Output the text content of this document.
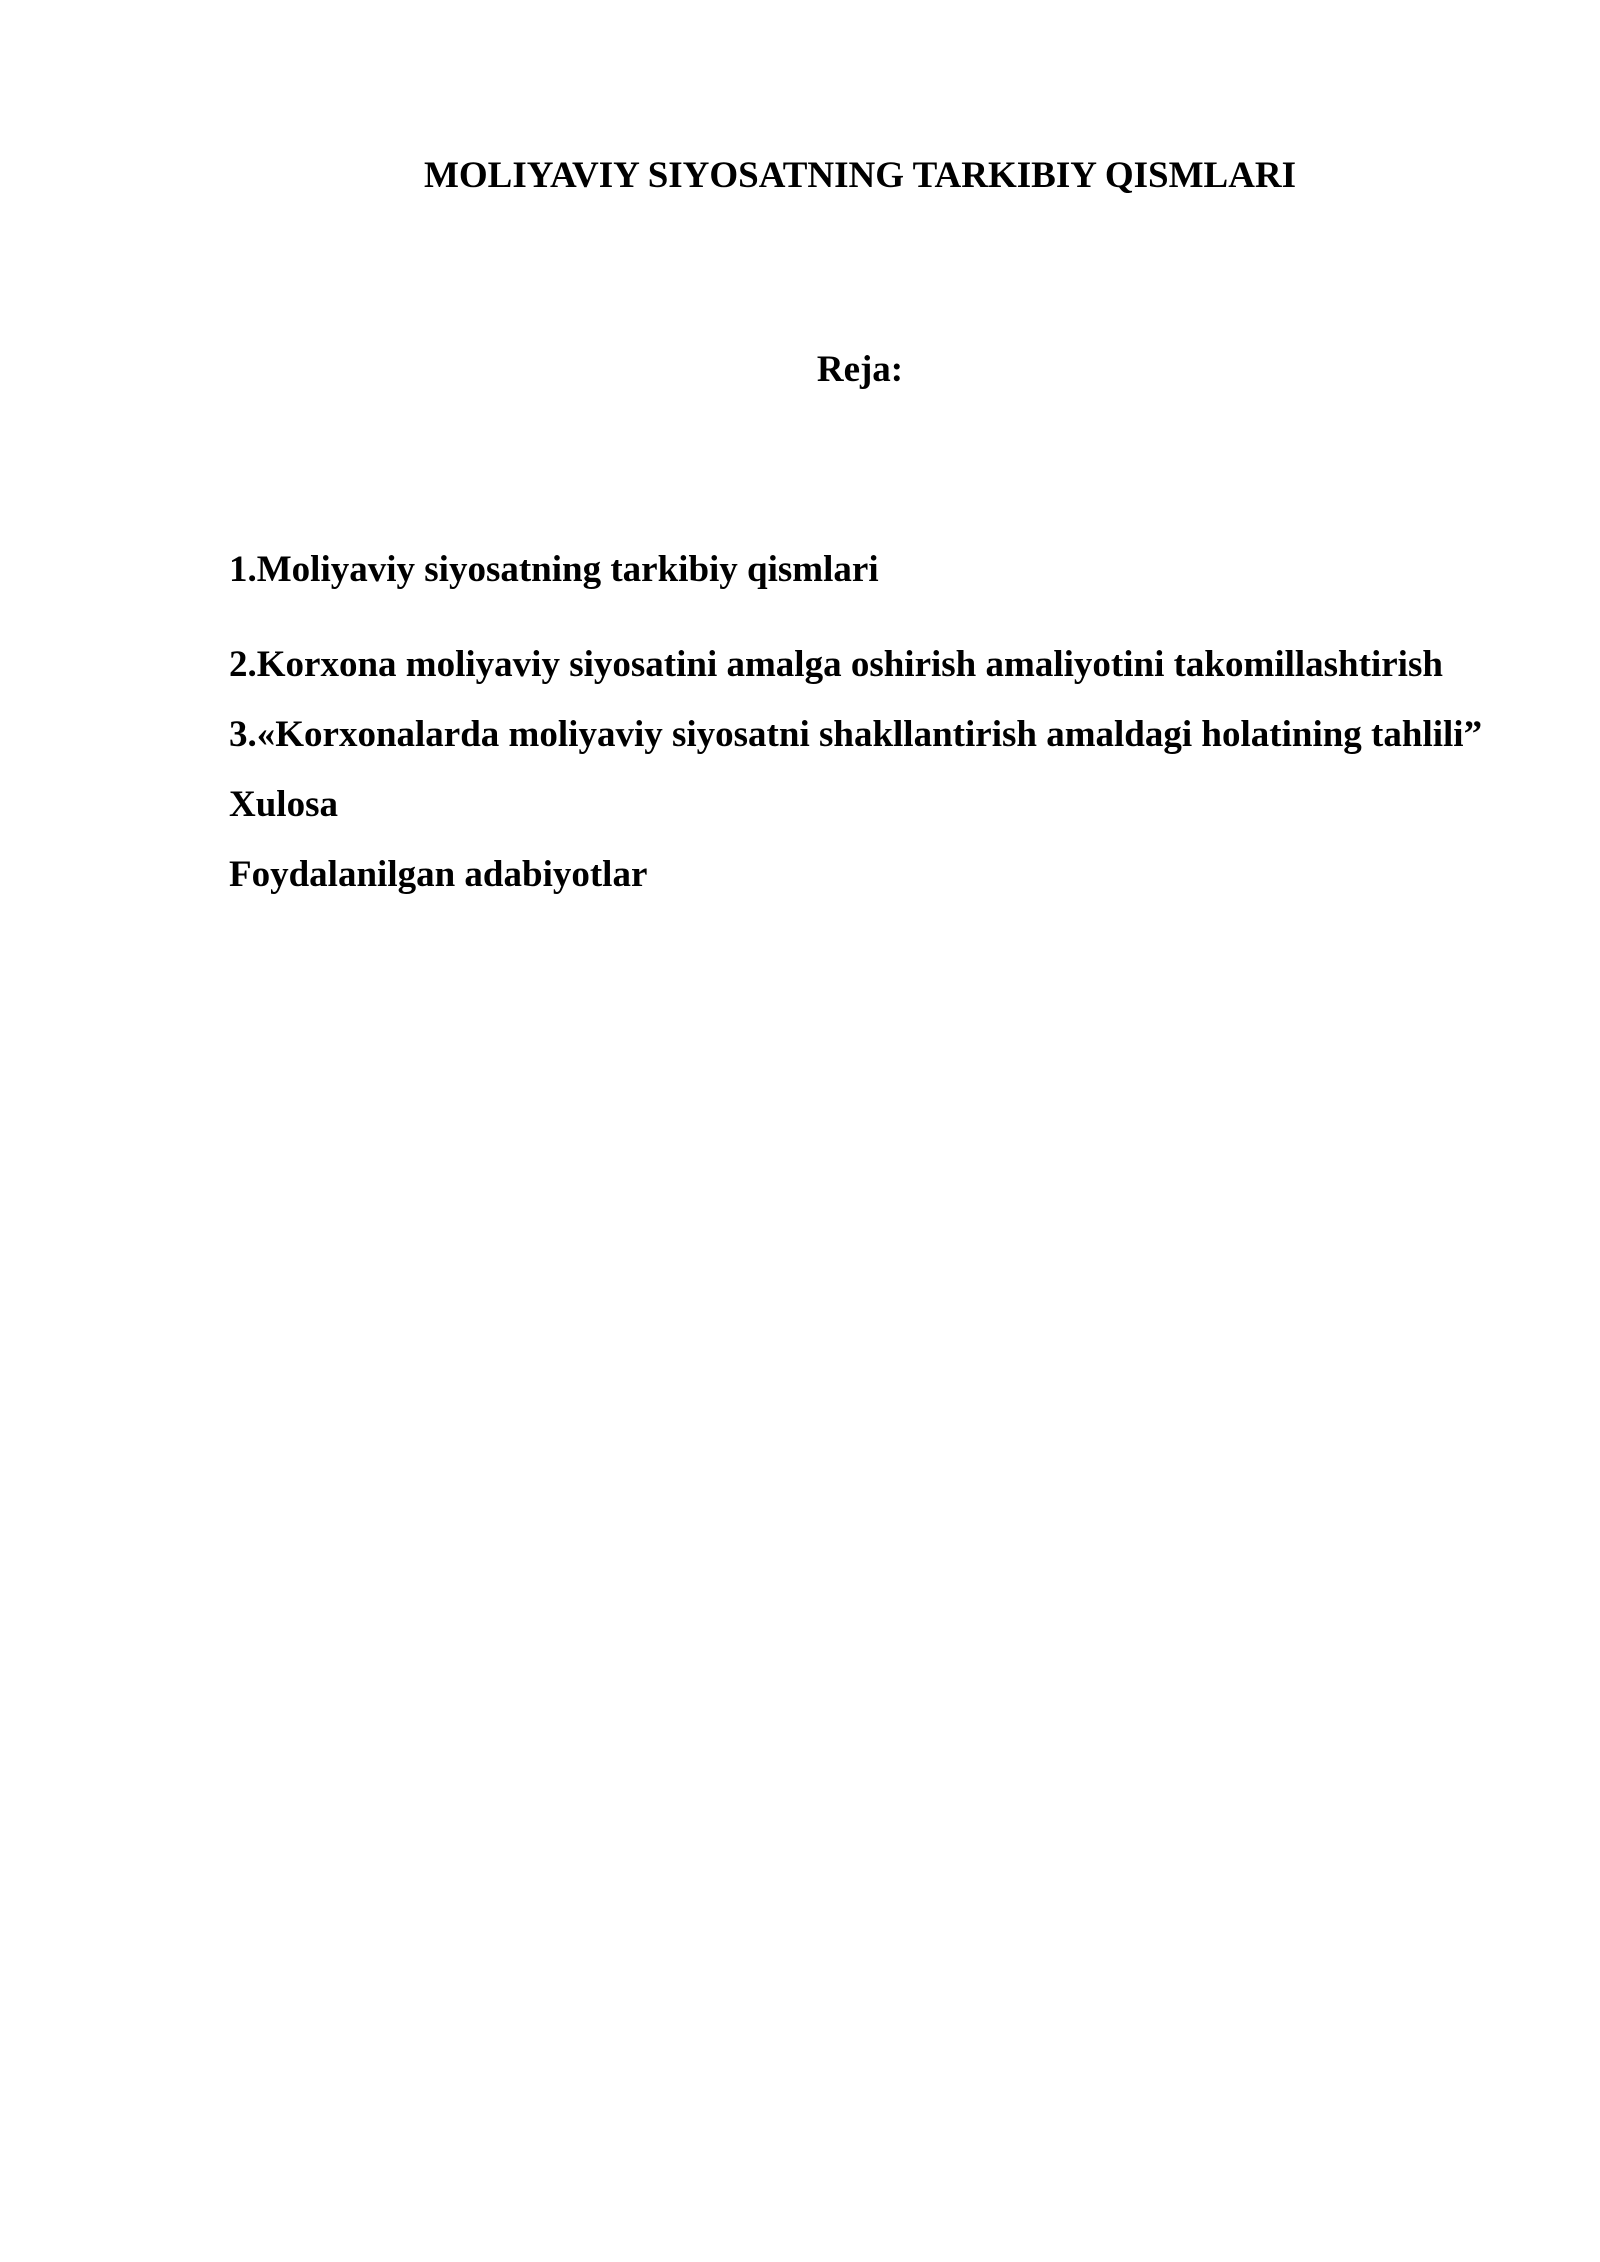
MOLIYAVIY SIYOSATNING TARKIBIY QISMLARI
Reja:
1.Moliyaviy siyosatning tarkibiy qismlari
2.Korxona moliyaviy siyosatini amalga oshirish amaliyotini takomillashtirish
3.«Korxonalarda moliyaviy siyosatni shakllantirish amaldagi holatining tahlili”
Xulosa
Foydalanilgan adabiyotlar
